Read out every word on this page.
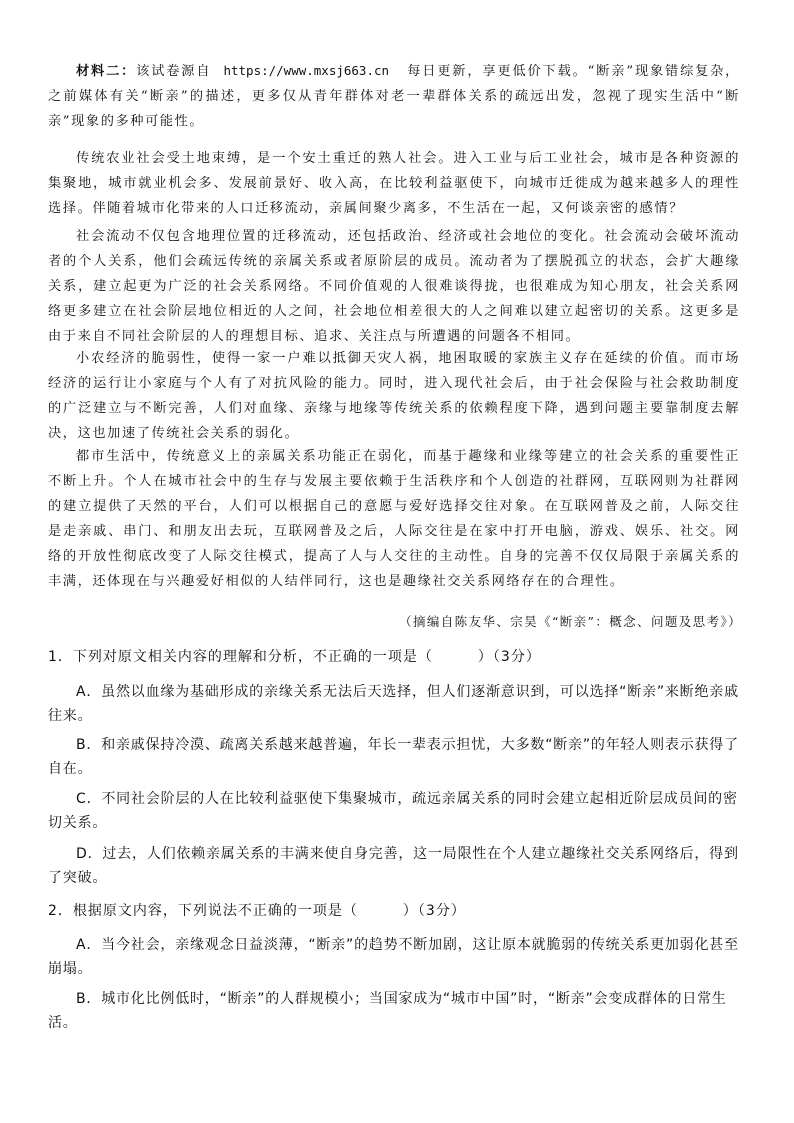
材料二：该试卷源自 https://www.mxsj663.cn 每日更新，享更低价下载。“断亲”现象错综复杂，之前媒体有关“断亲”的描述，更多仅从青年群体对老一辈群体关系的疏远出发，忽视了现实生活中“断亲”现象的多种可能性。

传统农业社会受土地束缚，是一个安土重迁的熟人社会。进入工业与后工业社会，城市是各种资源的集聚地，城市就业机会多、发展前景好、收入高，在比较利益驱使下，向城市迁徙成为越来越多人的理性选择。伴随着城市化带来的人口迁移流动，亲属间聚少离多，不生活在一起，又何谈亲密的感情？

社会流动不仅包含地理位置的迁移流动，还包括政治、经济或社会地位的变化。社会流动会破坏流动者的个人关系，他们会疏远传统的亲属关系或者原阶层的成员。流动者为了摆脱孤立的状态，会扩大趣缘关系，建立起更为广泛的社会关系网络。不同价值观的人很难谈得拢，也很难成为知心朋友，社会关系网络更多建立在社会阶层地位相近的人之间，社会地位相差很大的人之间难以建立起密切的关系。这更多是由于来自不同社会阶层的人的理想目标、追求、关注点与所遭遇的问题各不相同。

小农经济的脆弱性，使得一家一户难以抵御天灾人祸，地困取暖的家族主义存在延续的价值。而市场经济的运行让小家庭与个人有了对抗风险的能力。同时，进入现代社会后，由于社会保险与社会救助制度的广泛建立与不断完善，人们对血缘、亲缘与地缘等传统关系的依赖程度下降，遇到问题主要靠制度去解决，这也加速了传统社会关系的弱化。

都市生活中，传统意义上的亲属关系功能正在弱化，而基于趣缘和业缘等建立的社会关系的重要性正不断上升。个人在城市社会中的生存与发展主要依赖于生活秩序和个人创造的社群网，互联网则为社群网的建立提供了天然的平台，人们可以根据自己的意愿与爱好选择交往对象。在互联网普及之前，人际交往是走亲戚、串门、和朋友出去玩，互联网普及之后，人际交往是在家中打开电脑，游戏、娱乐、社交。网络的开放性彻底改变了人际交往模式，提高了人与人交往的主动性。自身的完善不仅仅局限于亲属关系的丰满，还体现在与兴趣爱好相似的人结伴同行，这也是趣缘社交关系网络存在的合理性。

（摘编自陈友华、宗昊《“断亲”：概念、问题及思考》）

1．下列对原文相关内容的理解和分析，不正确的一项是（　　　）（3分）

A．虽然以血缘为基础形成的亲缘关系无法后天选择，但人们逐渐意识到，可以选择“断亲”来断绝亲戚往来。

B．和亲戚保持冷漠、疏离关系越来越普遍，年长一辈表示担忧，大多数“断亲”的年轻人则表示获得了自在。

C．不同社会阶层的人在比较利益驱使下集聚城市，疏远亲属关系的同时会建立起相近阶层成员间的密切关系。

D．过去，人们依赖亲属关系的丰满来使自身完善，这一局限性在个人建立趣缘社交关系网络后，得到了突破。

2．根据原文内容，下列说法不正确的一项是（　　　）（3分）

A．当今社会，亲缘观念日益淡薄，“断亲”的趋势不断加剧，这让原本就脆弱的传统关系更加弱化甚至崩塌。

B．城市化比例低时，“断亲”的人群规模小；当国家成为“城市中国”时，“断亲”会变成群体的日常生活。
